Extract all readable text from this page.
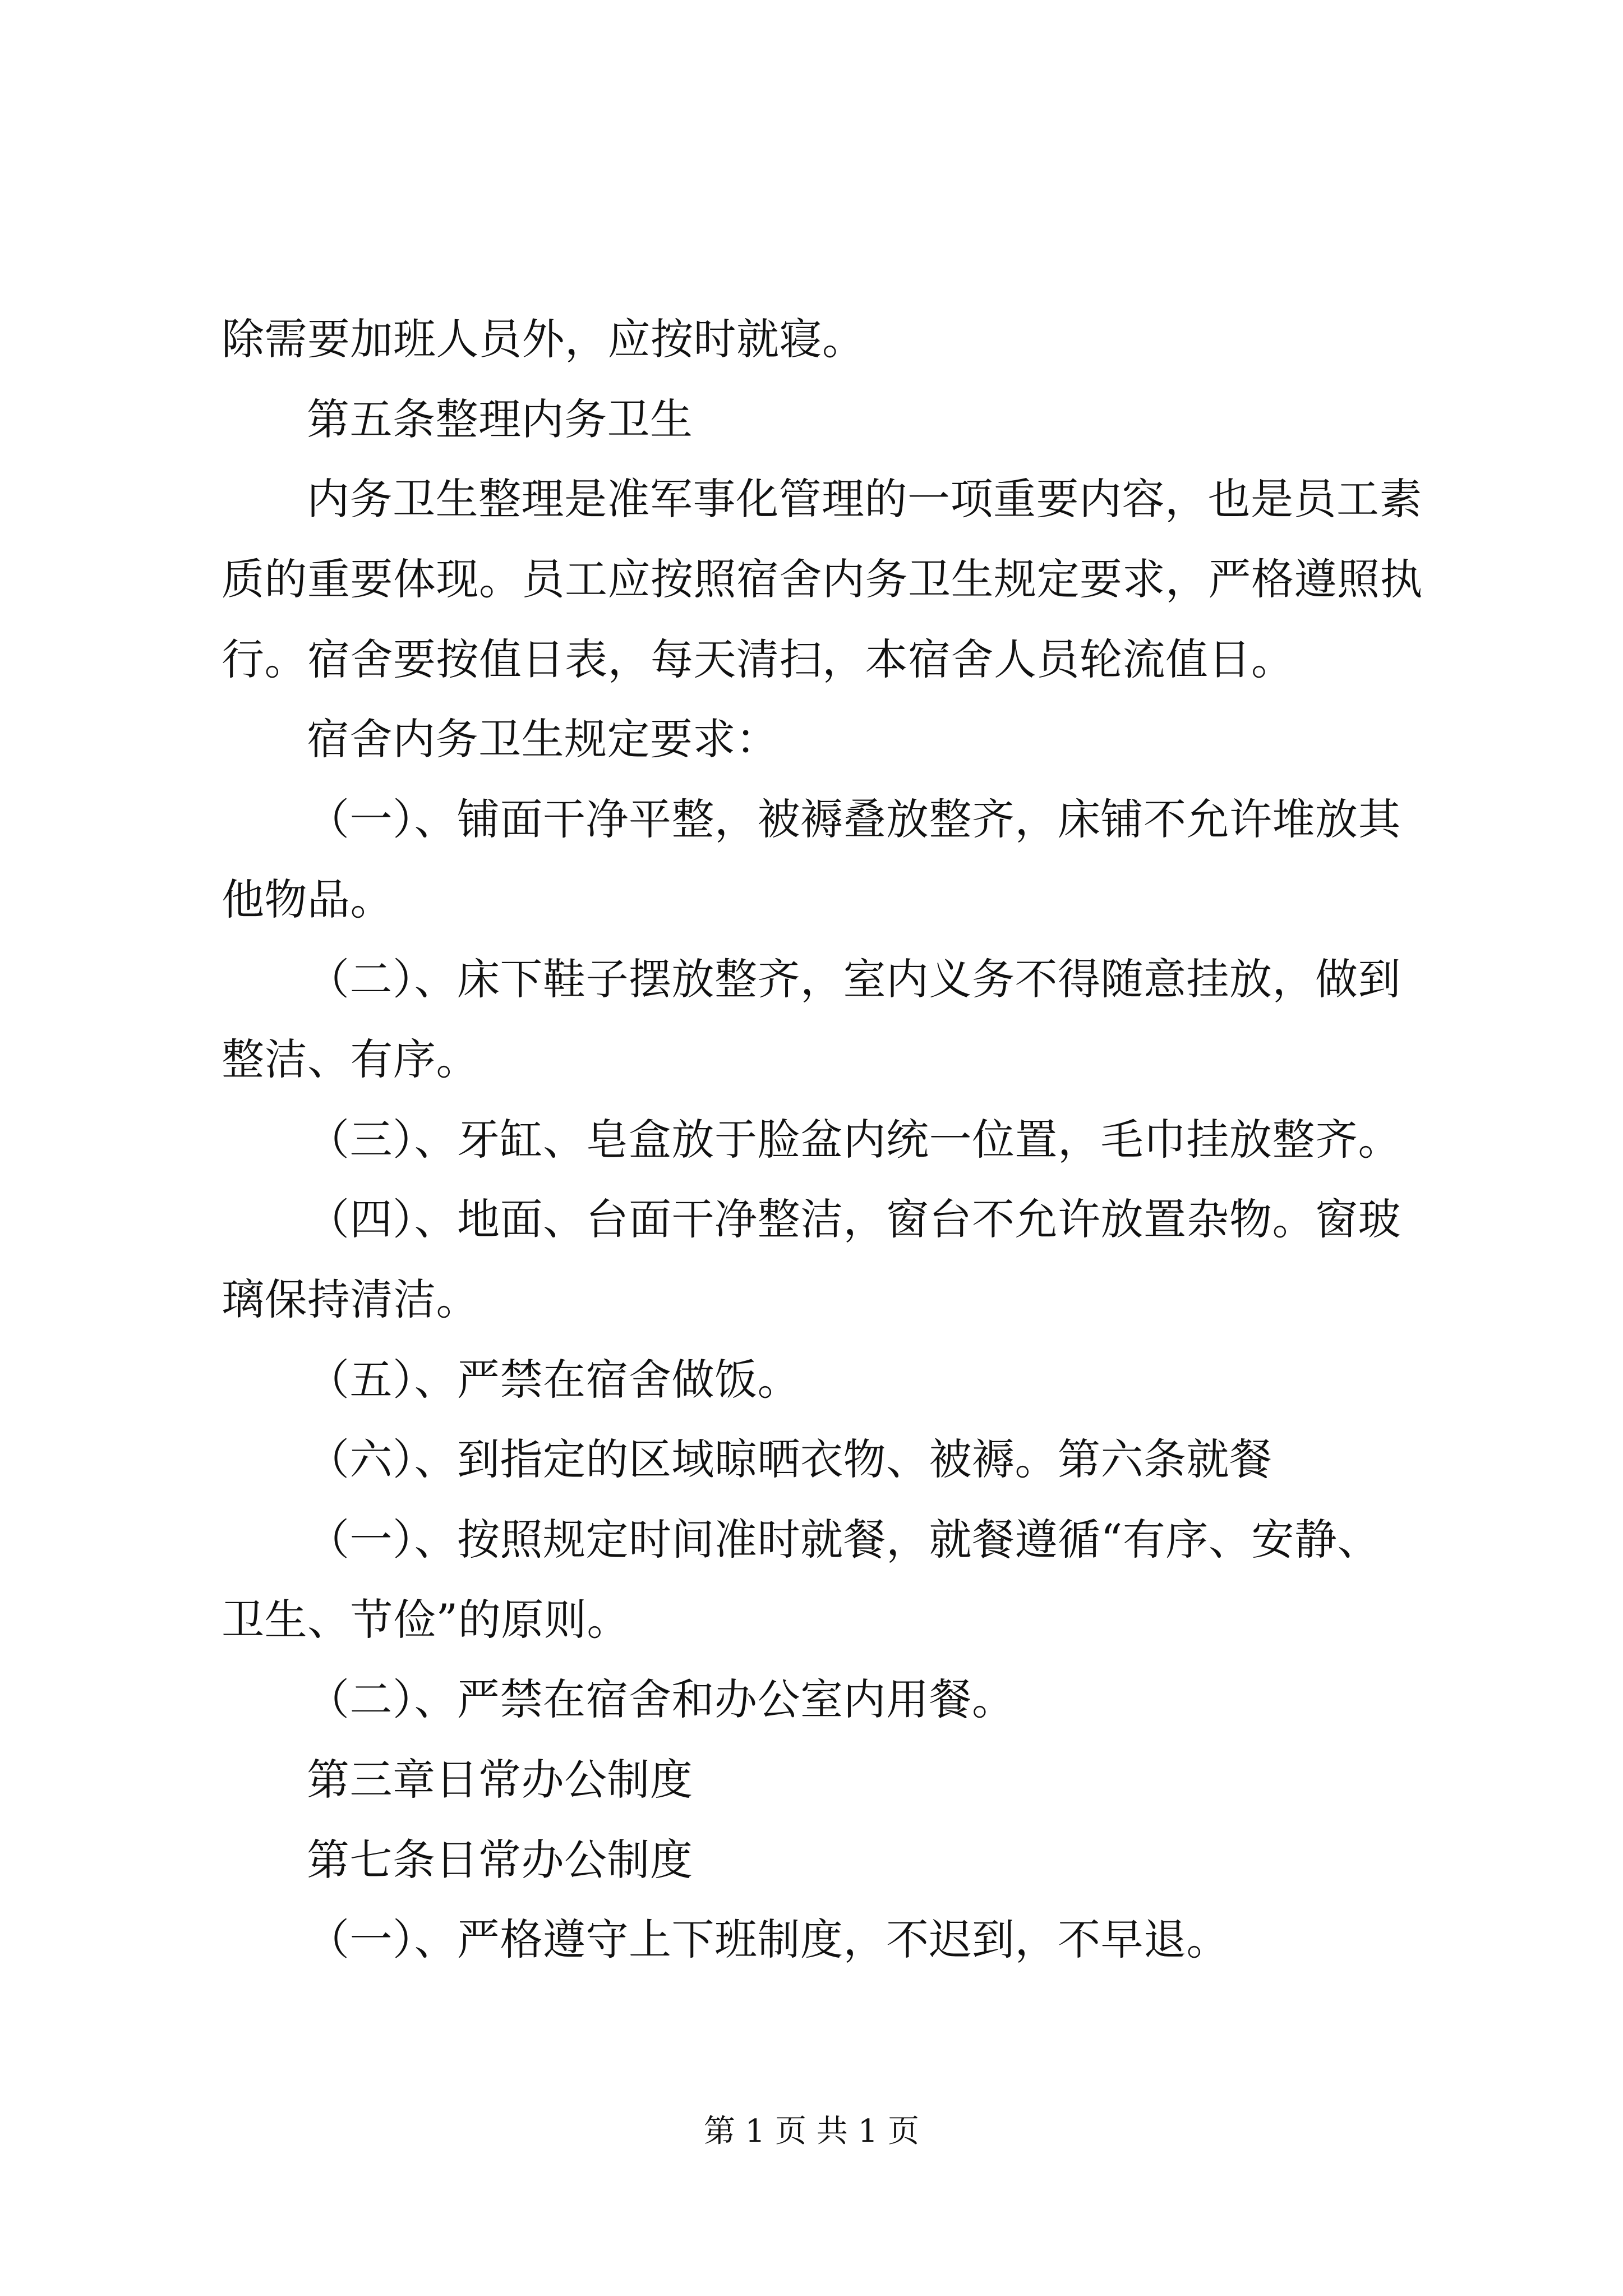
除需要加班人员外，应按时就寝。
第五条整理内务卫生
内务卫生整理是准军事化管理的一项重要内容，也是员工素
质的重要体现。员工应按照宿舍内务卫生规定要求，严格遵照执
行。宿舍要按值日表，每天清扫，本宿舍人员轮流值日。
宿舍内务卫生规定要求：
（一）、铺面干净平整，被褥叠放整齐，床铺不允许堆放其
他物品。
（二）、床下鞋子摆放整齐，室内义务不得随意挂放，做到
整洁、有序。
（三）、牙缸、皂盒放于脸盆内统一位置，毛巾挂放整齐。
（四）、地面、台面干净整洁，窗台不允许放置杂物。窗玻
璃保持清洁。
（五）、严禁在宿舍做饭。
（六）、到指定的区域晾晒衣物、被褥。第六条就餐
（一）、按照规定时间准时就餐，就餐遵循“有序、安静、
卫生、节俭”的原则。
（二）、严禁在宿舍和办公室内用餐。
第三章日常办公制度
第七条日常办公制度
（一）、严格遵守上下班制度，不迟到，不早退。
第 1 页 共 1 页
